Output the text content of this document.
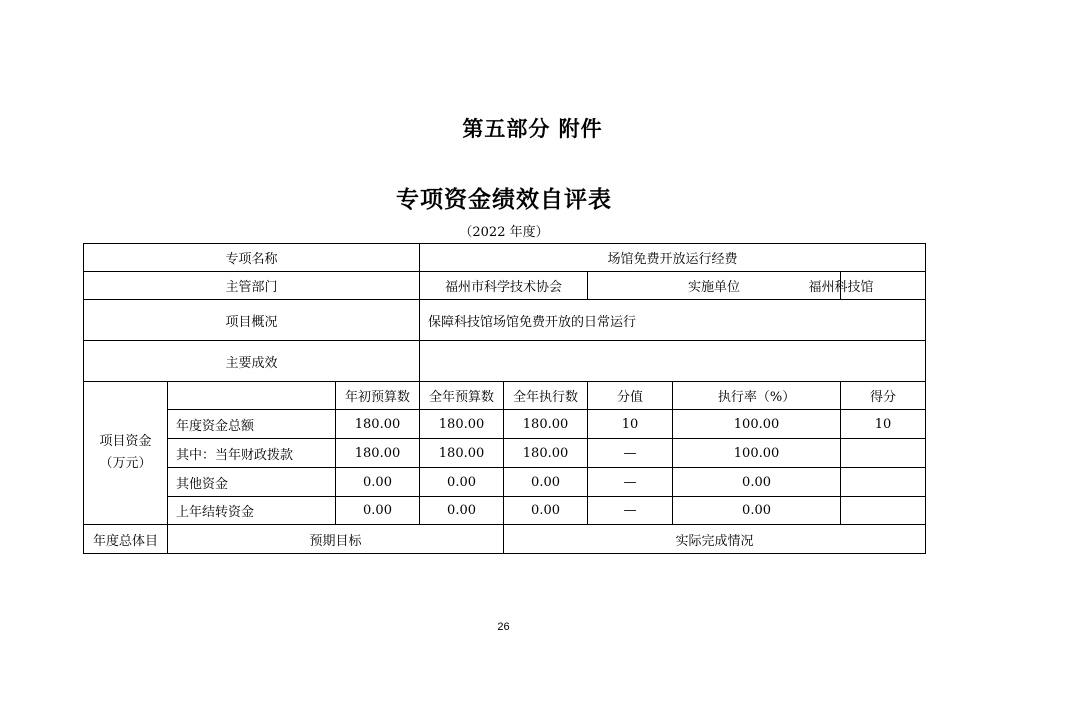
第五部分 附件
专项资金绩效自评表
（2022 年度）
专项名称			场馆免费开放运行经费				
主管部门			福州市科学技术协会		实施单位		福州科技馆

项目概况			保障科技馆场馆免费开放的日常运行				
主要成效							
项目资金（万元）		年初预算数	全年预算数	全年执行数	分值	执行率（%）	得分
	年度资金总额	180.00	180.00	180.00	10	100.00	10
	其中：当年财政拨款	180.00	180.00	180.00	—	100.00	
	其他资金	0.00	0.00	0.00	—	0.00	
	上年结转资金	0.00	0.00	0.00	—	0.00	
年度总体目	预期目标			实际完成情况			
26
